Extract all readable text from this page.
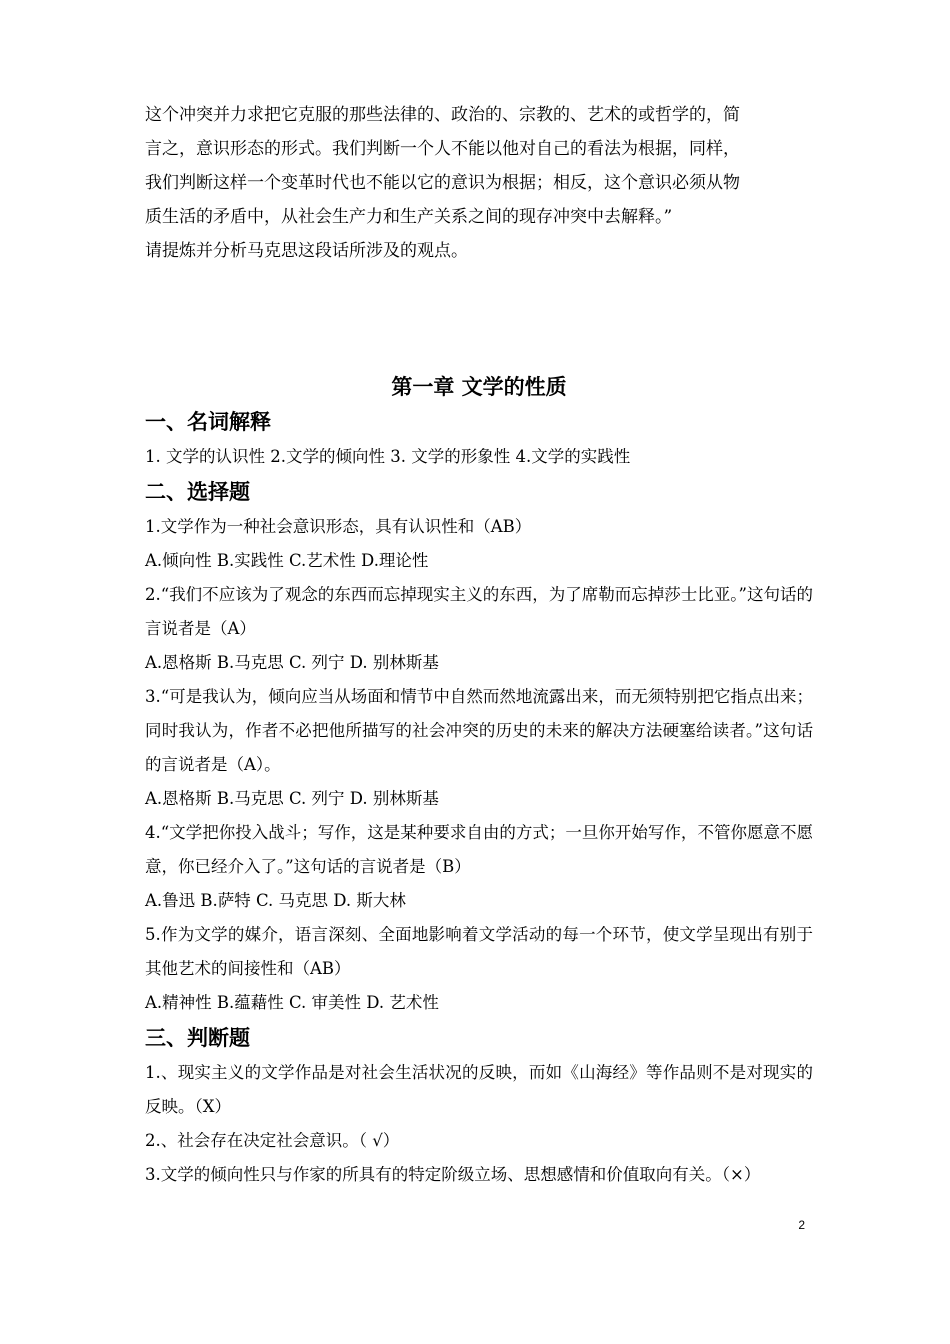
这个冲突并力求把它克服的那些法律的、政治的、宗教的、艺术的或哲学的，简

言之，意识形态的形式。我们判断一个人不能以他对自己的看法为根据，同样，

我们判断这样一个变革时代也不能以它的意识为根据；相反，这个意识必须从物

质生活的矛盾中，从社会生产力和生产关系之间的现存冲突中去解释。”

请提炼并分析马克思这段话所涉及的观点。

第一章 文学的性质

一、名词解释

1. 文学的认识性 2.文学的倾向性 3. 文学的形象性 4.文学的实践性

二、选择题

1.文学作为一种社会意识形态，具有认识性和（AB）

A.倾向性 B.实践性 C.艺术性 D.理论性

2.“我们不应该为了观念的东西而忘掉现实主义的东西，为了席勒而忘掉莎士比亚。”这句话的言说者是（A）

A.恩格斯 B.马克思 C. 列宁 D. 别林斯基

3.“可是我认为，倾向应当从场面和情节中自然而然地流露出来，而无须特别把它指点出来；同时我认为，作者不必把他所描写的社会冲突的历史的未来的解决方法硬塞给读者。”这句话的言说者是（A）。

A.恩格斯 B.马克思 C. 列宁 D. 别林斯基

4.“文学把你投入战斗；写作，这是某种要求自由的方式；一旦你开始写作，不管你愿意不愿意，你已经介入了。”这句话的言说者是（B）

A.鲁迅 B.萨特 C. 马克思 D. 斯大林

5.作为文学的媒介，语言深刻、全面地影响着文学活动的每一个环节，使文学呈现出有别于其他艺术的间接性和（AB）

A.精神性 B.蕴藉性 C. 审美性 D. 艺术性

三、判断题

1.、现实主义的文学作品是对社会生活状况的反映，而如《山海经》等作品则不是对现实的反映。（X）

2.、社会存在决定社会意识。（ √）

3.文学的倾向性只与作家的所具有的特定阶级立场、思想感情和价值取向有关。（×）

2
